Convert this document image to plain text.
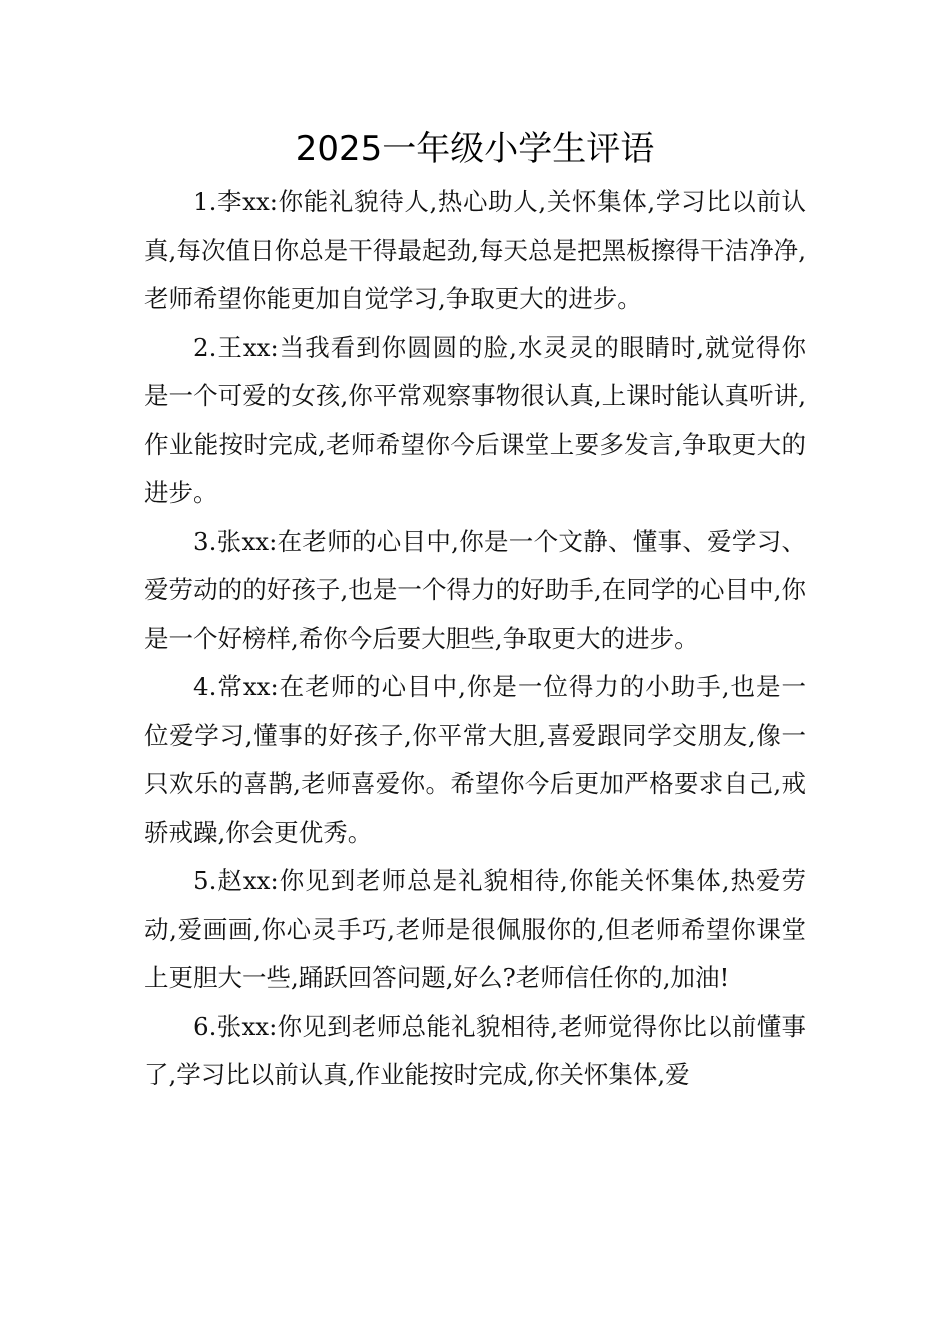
2025一年级小学生评语

1.李xx:你能礼貌待人,热心助人,关怀集体,学习比以前认真,每次值日你总是干得最起劲,每天总是把黑板擦得干洁净净,老师希望你能更加自觉学习,争取更大的进步。

2.王xx:当我看到你圆圆的脸,水灵灵的眼睛时,就觉得你是一个可爱的女孩,你平常观察事物很认真,上课时能认真听讲,作业能按时完成,老师希望你今后课堂上要多发言,争取更大的进步。

3.张xx:在老师的心目中,你是一个文静、懂事、爱学习、爱劳动的的好孩子,也是一个得力的好助手,在同学的心目中,你是一个好榜样,希你今后要大胆些,争取更大的进步。

4.常xx:在老师的心目中,你是一位得力的小助手,也是一位爱学习,懂事的好孩子,你平常大胆,喜爱跟同学交朋友,像一只欢乐的喜鹊,老师喜爱你。希望你今后更加严格要求自己,戒骄戒躁,你会更优秀。

5.赵xx:你见到老师总是礼貌相待,你能关怀集体,热爱劳动,爱画画,你心灵手巧,老师是很佩服你的,但老师希望你课堂上更胆大一些,踊跃回答问题,好么?老师信任你的,加油!

6.张xx:你见到老师总能礼貌相待,老师觉得你比以前懂事了,学习比以前认真,作业能按时完成,你关怀集体,爱
